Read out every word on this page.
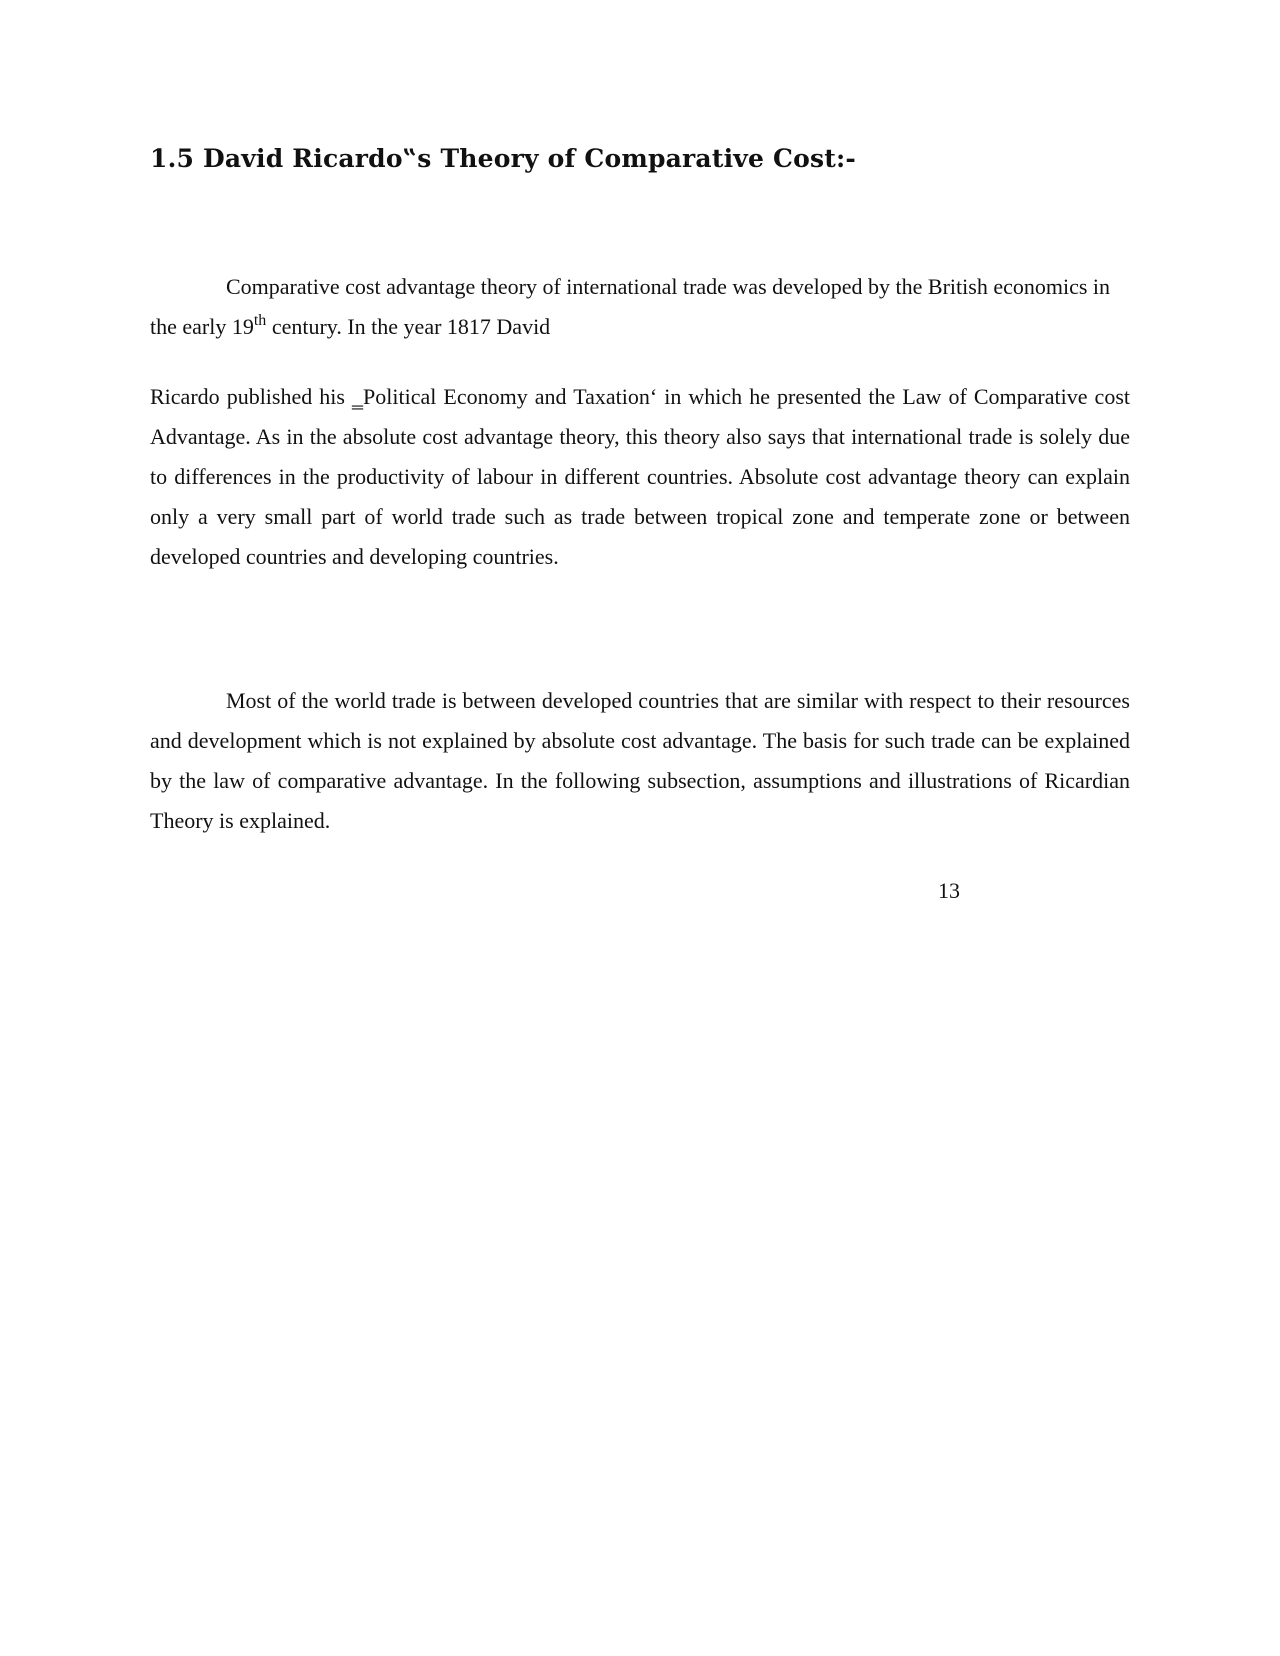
1.5 David Ricardo‟s Theory of Comparative Cost:-

Comparative cost advantage theory of international trade was developed by the British economics in the early 19th century. In the year 1817 David

Ricardo published his ‗Political Economy and Taxation‘ in which he presented the Law of Comparative cost Advantage. As in the absolute cost advantage theory, this theory also says that international trade is solely due to differences in the productivity of labour in different countries. Absolute cost advantage theory can explain only a very small part of world trade such as trade between tropical zone and temperate zone or between developed countries and developing countries.

Most of the world trade is between developed countries that are similar with respect to their resources and development which is not explained by absolute cost advantage. The basis for such trade can be explained by the law of comparative advantage. In the following subsection, assumptions and illustrations of Ricardian Theory is explained.

13
